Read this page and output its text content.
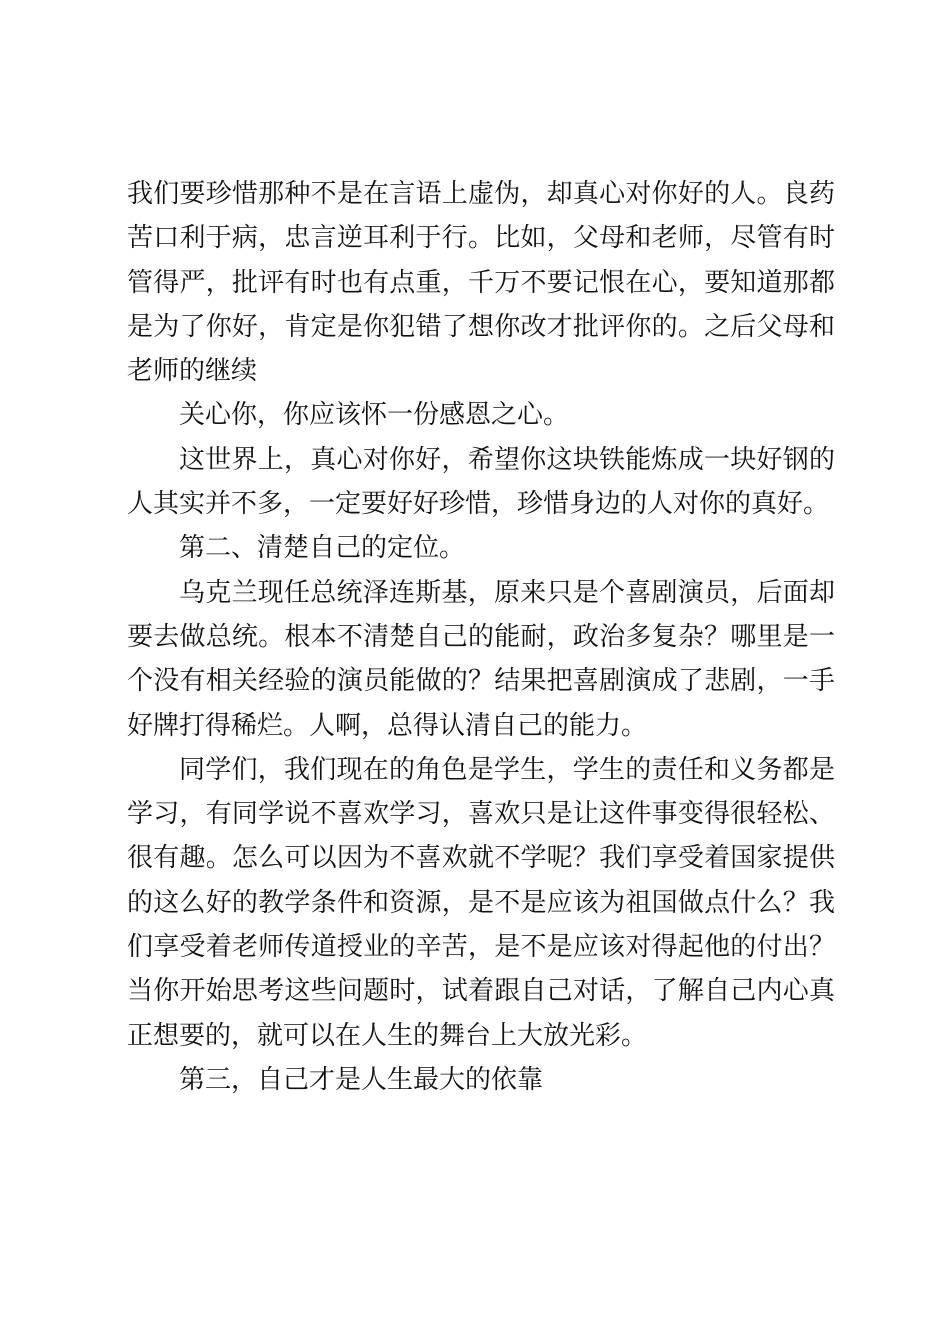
我们要珍惜那种不是在言语上虚伪，却真心对你好的人。良药苦口利于病，忠言逆耳利于行。比如，父母和老师，尽管有时管得严，批评有时也有点重，千万不要记恨在心，要知道那都是为了你好，肯定是你犯错了想你改才批评你的。之后父母和老师的继续

关心你，你应该怀一份感恩之心。

这世界上，真心对你好，希望你这块铁能炼成一块好钢的人其实并不多，一定要好好珍惜，珍惜身边的人对你的真好。

第二、清楚自己的定位。

乌克兰现任总统泽连斯基，原来只是个喜剧演员，后面却要去做总统。根本不清楚自己的能耐，政治多复杂？哪里是一个没有相关经验的演员能做的？结果把喜剧演成了悲剧，一手好牌打得稀烂。人啊，总得认清自己的能力。

同学们，我们现在的角色是学生，学生的责任和义务都是学习，有同学说不喜欢学习，喜欢只是让这件事变得很轻松、很有趣。怎么可以因为不喜欢就不学呢？我们享受着国家提供的这么好的教学条件和资源，是不是应该为祖国做点什么？我们享受着老师传道授业的辛苦，是不是应该对得起他的付出？当你开始思考这些问题时，试着跟自己对话，了解自己内心真正想要的，就可以在人生的舞台上大放光彩。

第三，自己才是人生最大的依靠
